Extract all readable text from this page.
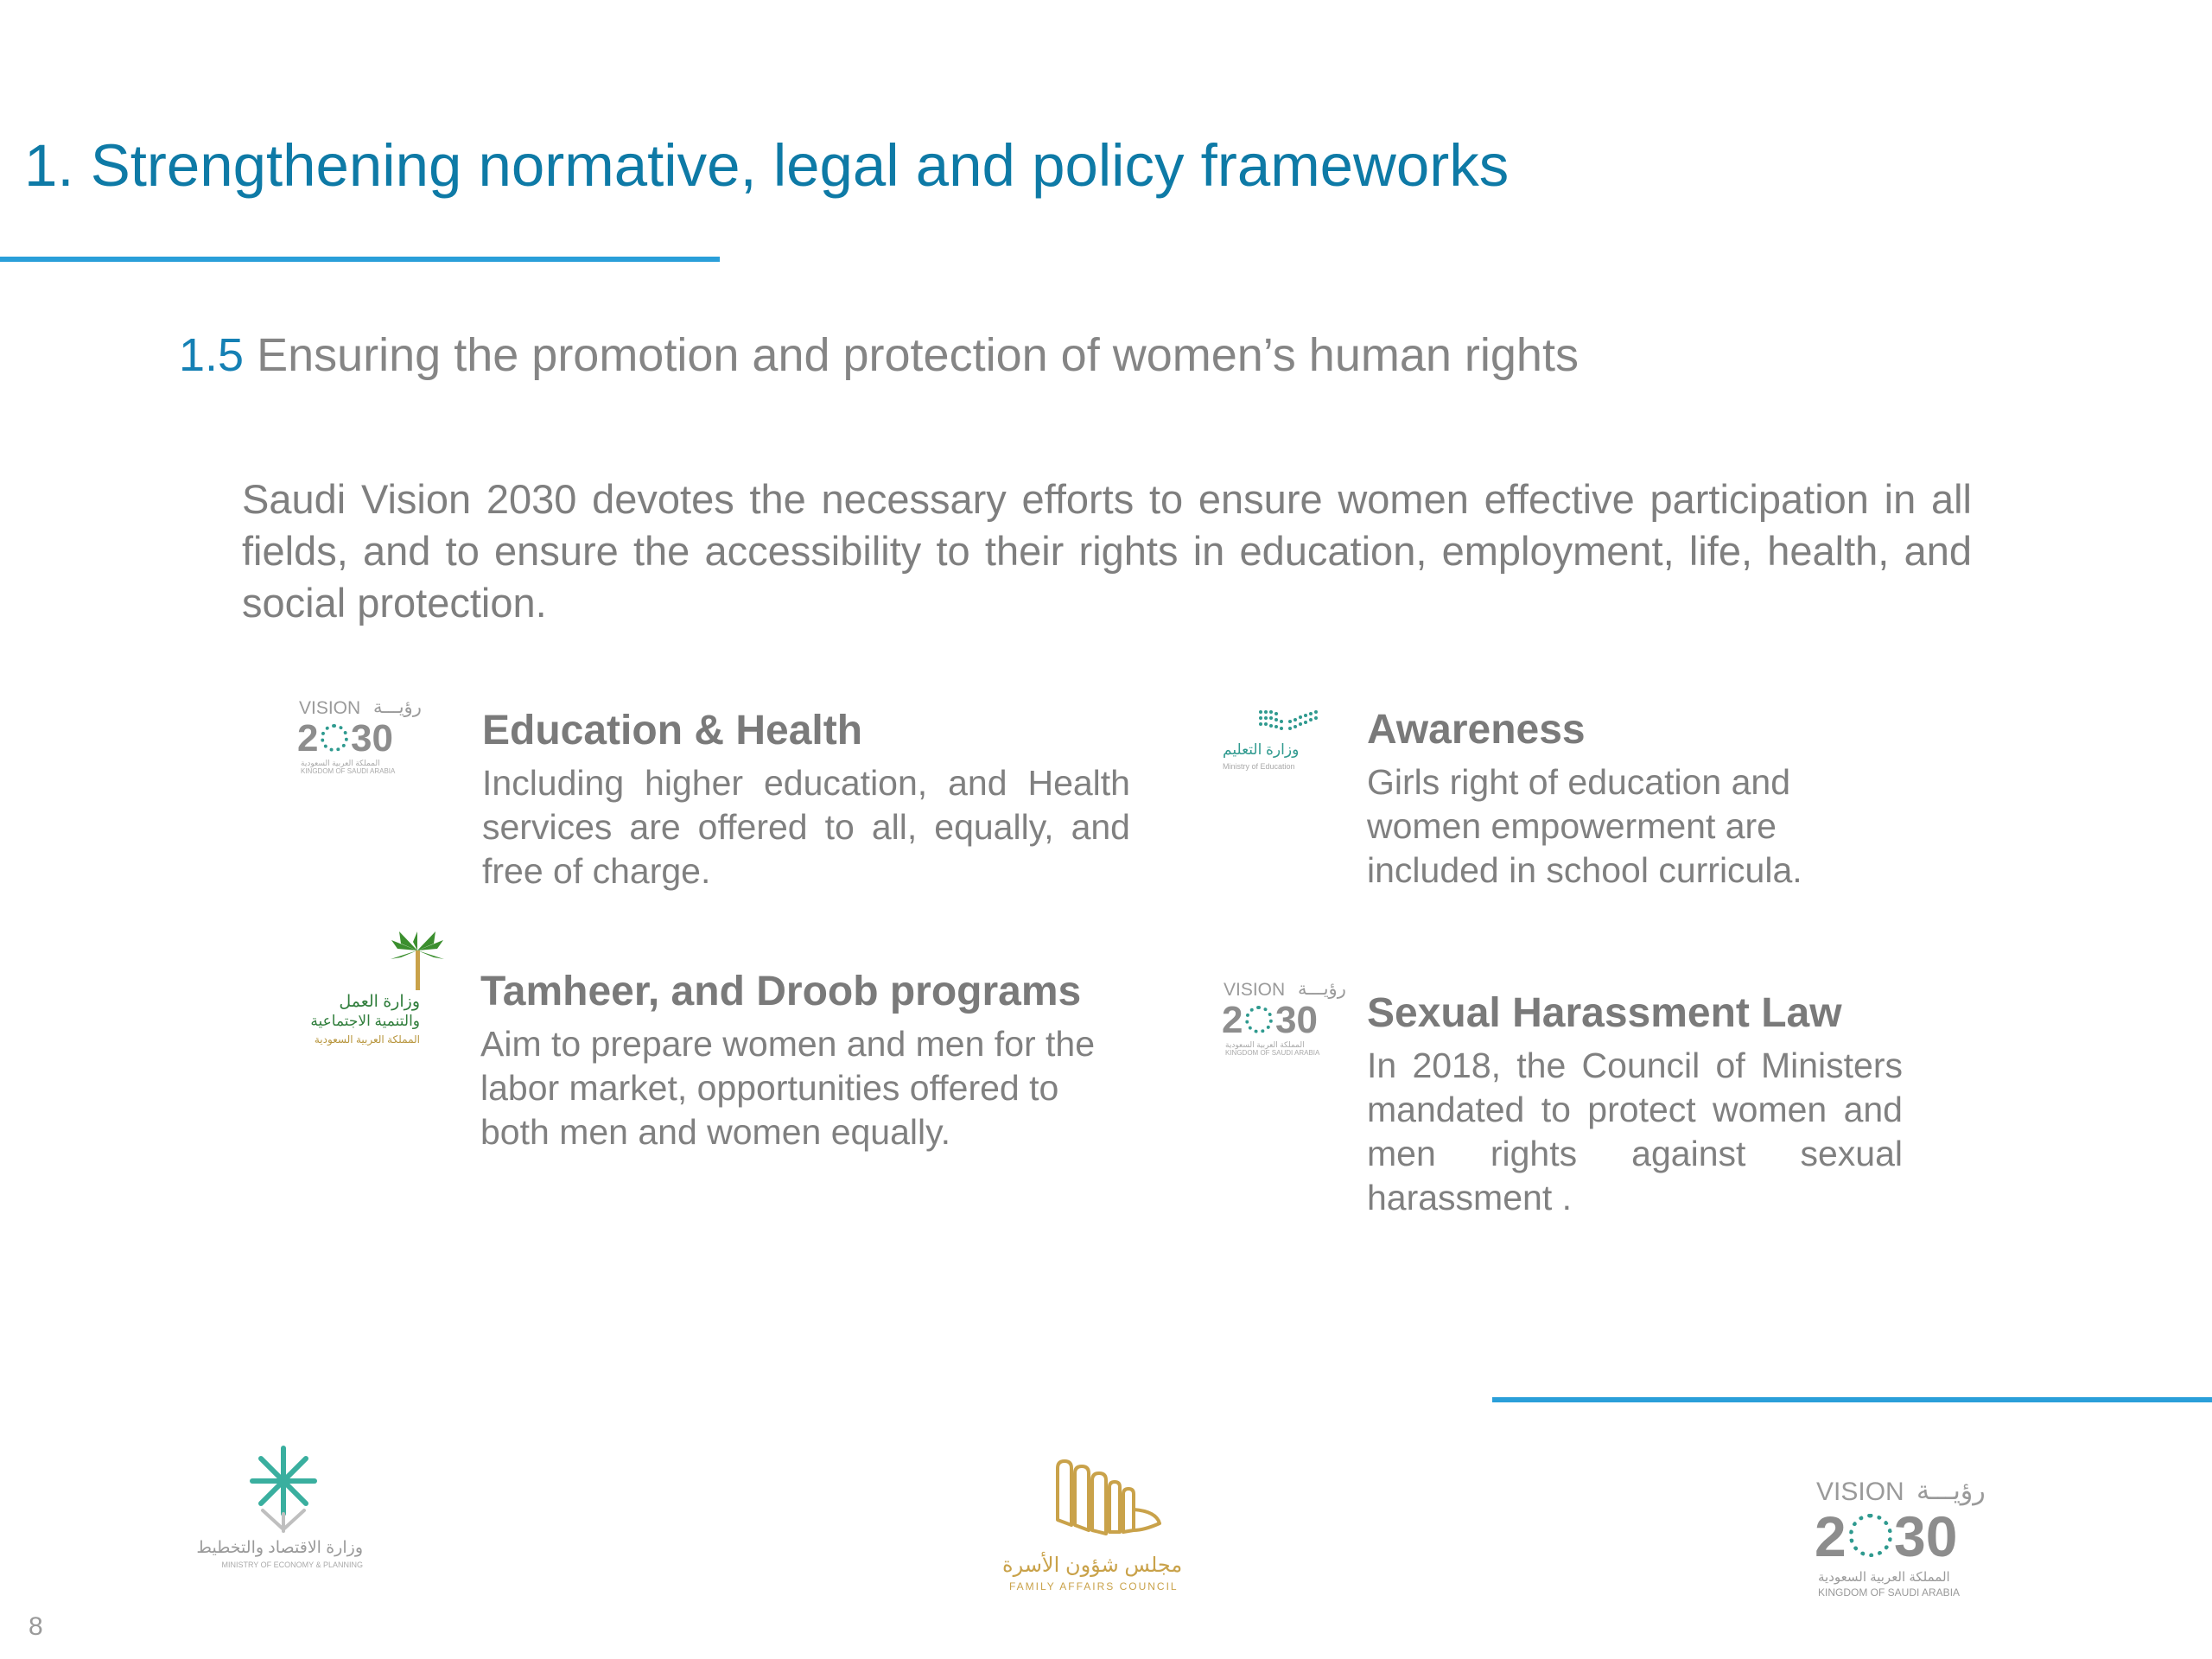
1. Strengthening normative, legal and policy frameworks
1.5 Ensuring the promotion and protection of women’s human rights

Saudi Vision 2030 devotes the necessary efforts to ensure women effective participation in all fields, and to ensure the accessibility to their rights in education, employment, life, health, and social protection.

VISION رؤيـــة
2 30
المملكة العربية السعودية
KINGDOM OF SAUDI ARABIA
Education & Health

Including higher education, and Health services are offered to all, equally, and free of charge.

وزارة التعليم
Ministry of Education
Awareness

Girls right of education and women empowerment are included in school curricula.

وزارة العمل
والتنمية الاجتماعية
المملكة العربية السعودية
Tamheer, and Droob programs

Aim to prepare women and men for the labor market, opportunities offered to both men and women equally.

VISION رؤيـــة
2 30
المملكة العربية السعودية
KINGDOM OF SAUDI ARABIA
Sexual Harassment Law

In 2018, the Council of Ministers mandated to protect women and men rights against sexual harassment .

وزارة الاقتصاد والتخطيط
MINISTRY OF ECONOMY & PLANNING	مجلس شؤون الأسرة
FAMILY AFFAIRS COUNCIL
VISION رؤيـــة
2 30
المملكة العربية السعودية
KINGDOM OF SAUDI ARABIA
8
